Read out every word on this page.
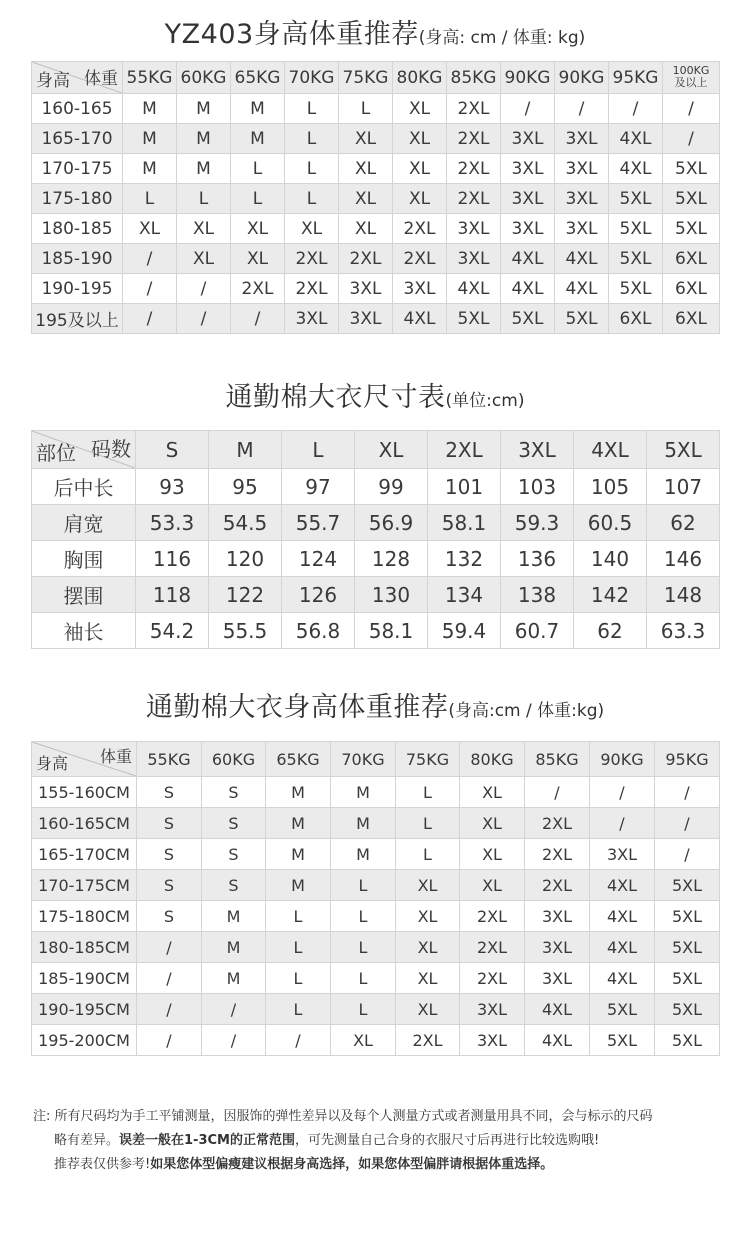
YZ403身高体重推荐(身高: cm / 体重: kg)
体重
身高	55KG	60KG	65KG	70KG	75KG	80KG	85KG	90KG	90KG	95KG	100KG
及以上
160-165	M	M	M	L	L	XL	2XL	/	/	/	/
165-170	M	M	M	L	XL	XL	2XL	3XL	3XL	4XL	/
170-175	M	M	L	L	XL	XL	2XL	3XL	3XL	4XL	5XL
175-180	L	L	L	L	XL	XL	2XL	3XL	3XL	5XL	5XL
180-185	XL	XL	XL	XL	XL	2XL	3XL	3XL	3XL	5XL	5XL
185-190	/	XL	XL	2XL	2XL	2XL	3XL	4XL	4XL	5XL	6XL
190-195	/	/	2XL	2XL	3XL	3XL	4XL	4XL	4XL	5XL	6XL
195及以上	/	/	/	3XL	3XL	4XL	5XL	5XL	5XL	6XL	6XL
通勤棉大衣尺寸表(单位:cm)
码数
部位	S	M	L	XL	2XL	3XL	4XL	5XL
后中长	93	95	97	99	101	103	105	107
肩宽	53.3	54.5	55.7	56.9	58.1	59.3	60.5	62
胸围	116	120	124	128	132	136	140	146
摆围	118	122	126	130	134	138	142	148
袖长	54.2	55.5	56.8	58.1	59.4	60.7	62	63.3
通勤棉大衣身高体重推荐(身高:cm / 体重:kg)
体重
身高	55KG	60KG	65KG	70KG	75KG	80KG	85KG	90KG	95KG
155-160CM	S	S	M	M	L	XL	/	/	/
160-165CM	S	S	M	M	L	XL	2XL	/	/
165-170CM	S	S	M	M	L	XL	2XL	3XL	/
170-175CM	S	S	M	L	XL	XL	2XL	4XL	5XL
175-180CM	S	M	L	L	XL	2XL	3XL	4XL	5XL
180-185CM	/	M	L	L	XL	2XL	3XL	4XL	5XL
185-190CM	/	M	L	L	XL	2XL	3XL	4XL	5XL
190-195CM	/	/	L	L	XL	3XL	4XL	5XL	5XL
195-200CM	/	/	/	XL	2XL	3XL	4XL	5XL	5XL
注: 所有尺码均为手工平铺测量，因服饰的弹性差异以及每个人测量方式或者测量用具不同，会与标示的尺码
略有差异。误差一般在1-3CM的正常范围，可先测量自己合身的衣服尺寸后再进行比较选购哦!
推荐表仅供参考!如果您体型偏瘦建议根据身高选择，如果您体型偏胖请根据体重选择。
